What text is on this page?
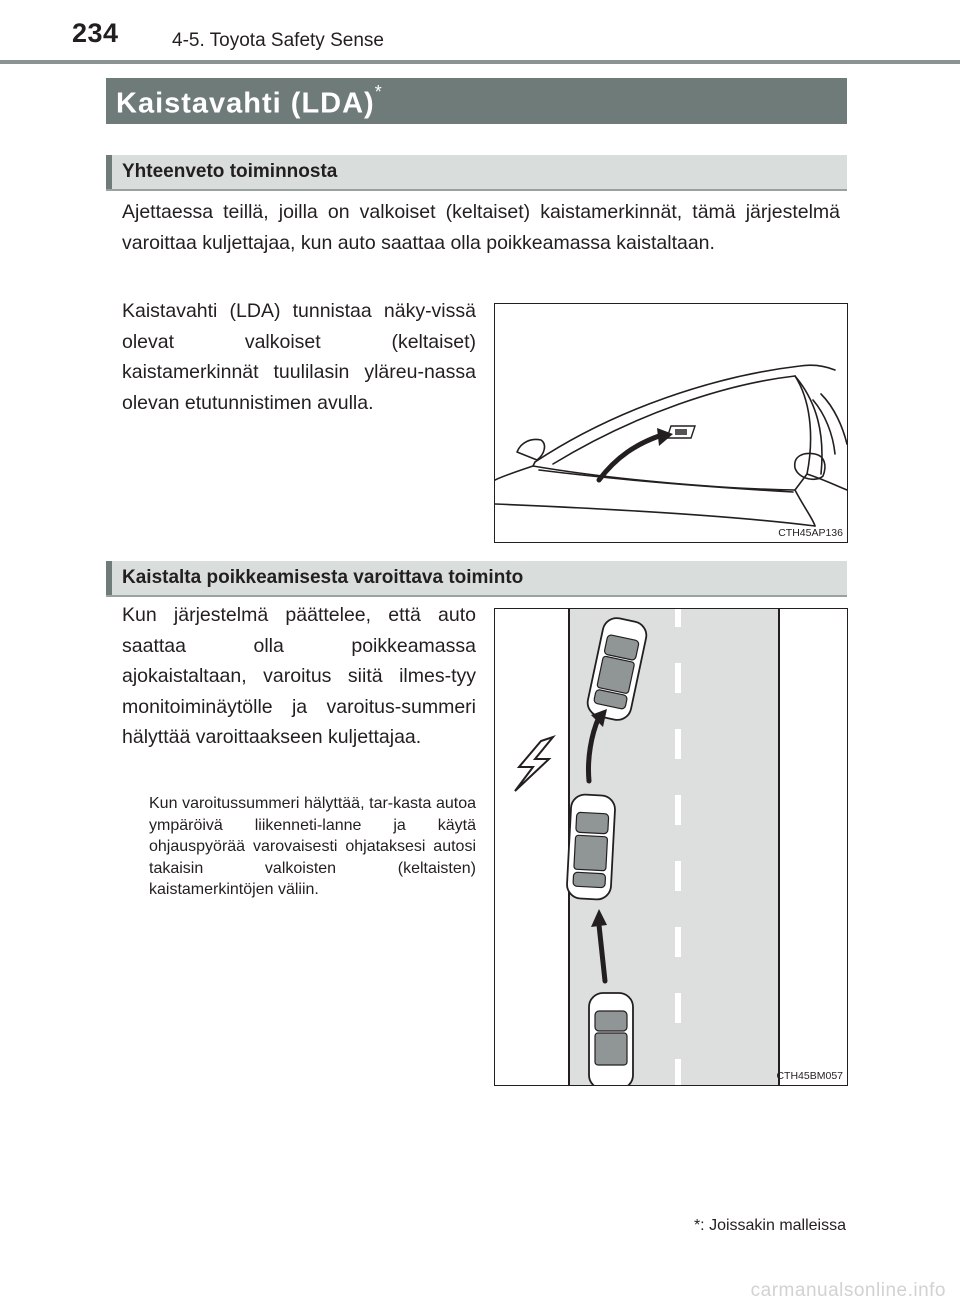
234	4-5. Toyota Safety Sense
Kaistavahti (LDA)*
Yhteenveto toiminnosta
Ajettaessa teillä, joilla on valkoiset (keltaiset) kaistamerkinnät, tämä järjestelmä varoittaa kuljettajaa, kun auto saattaa olla poikkeamassa kaistaltaan.
Kaistavahti (LDA) tunnistaa näky-vissä olevat valkoiset (keltaiset) kaistamerkinnät tuulilasin yläreu-nassa olevan etutunnistimen avulla.
CTH45AP136
Kaistalta poikkeamisesta varoittava toiminto
Kun järjestelmä päättelee, että auto saattaa olla poikkeamassa ajokaistaltaan, varoitus siitä ilmes-tyy monitoiminäytölle ja varoitus-summeri hälyttää varoittaakseen kuljettajaa.
Kun varoitussummeri hälyttää, tar-kasta autoa ympäröivä liikenneti-lanne ja käytä ohjauspyörää varovaisesti ohjataksesi autosi takaisin valkoisten (keltaisten) kaistamerkintöjen väliin.
CTH45BM057
*: Joissakin malleissa
carmanualsonline.info
